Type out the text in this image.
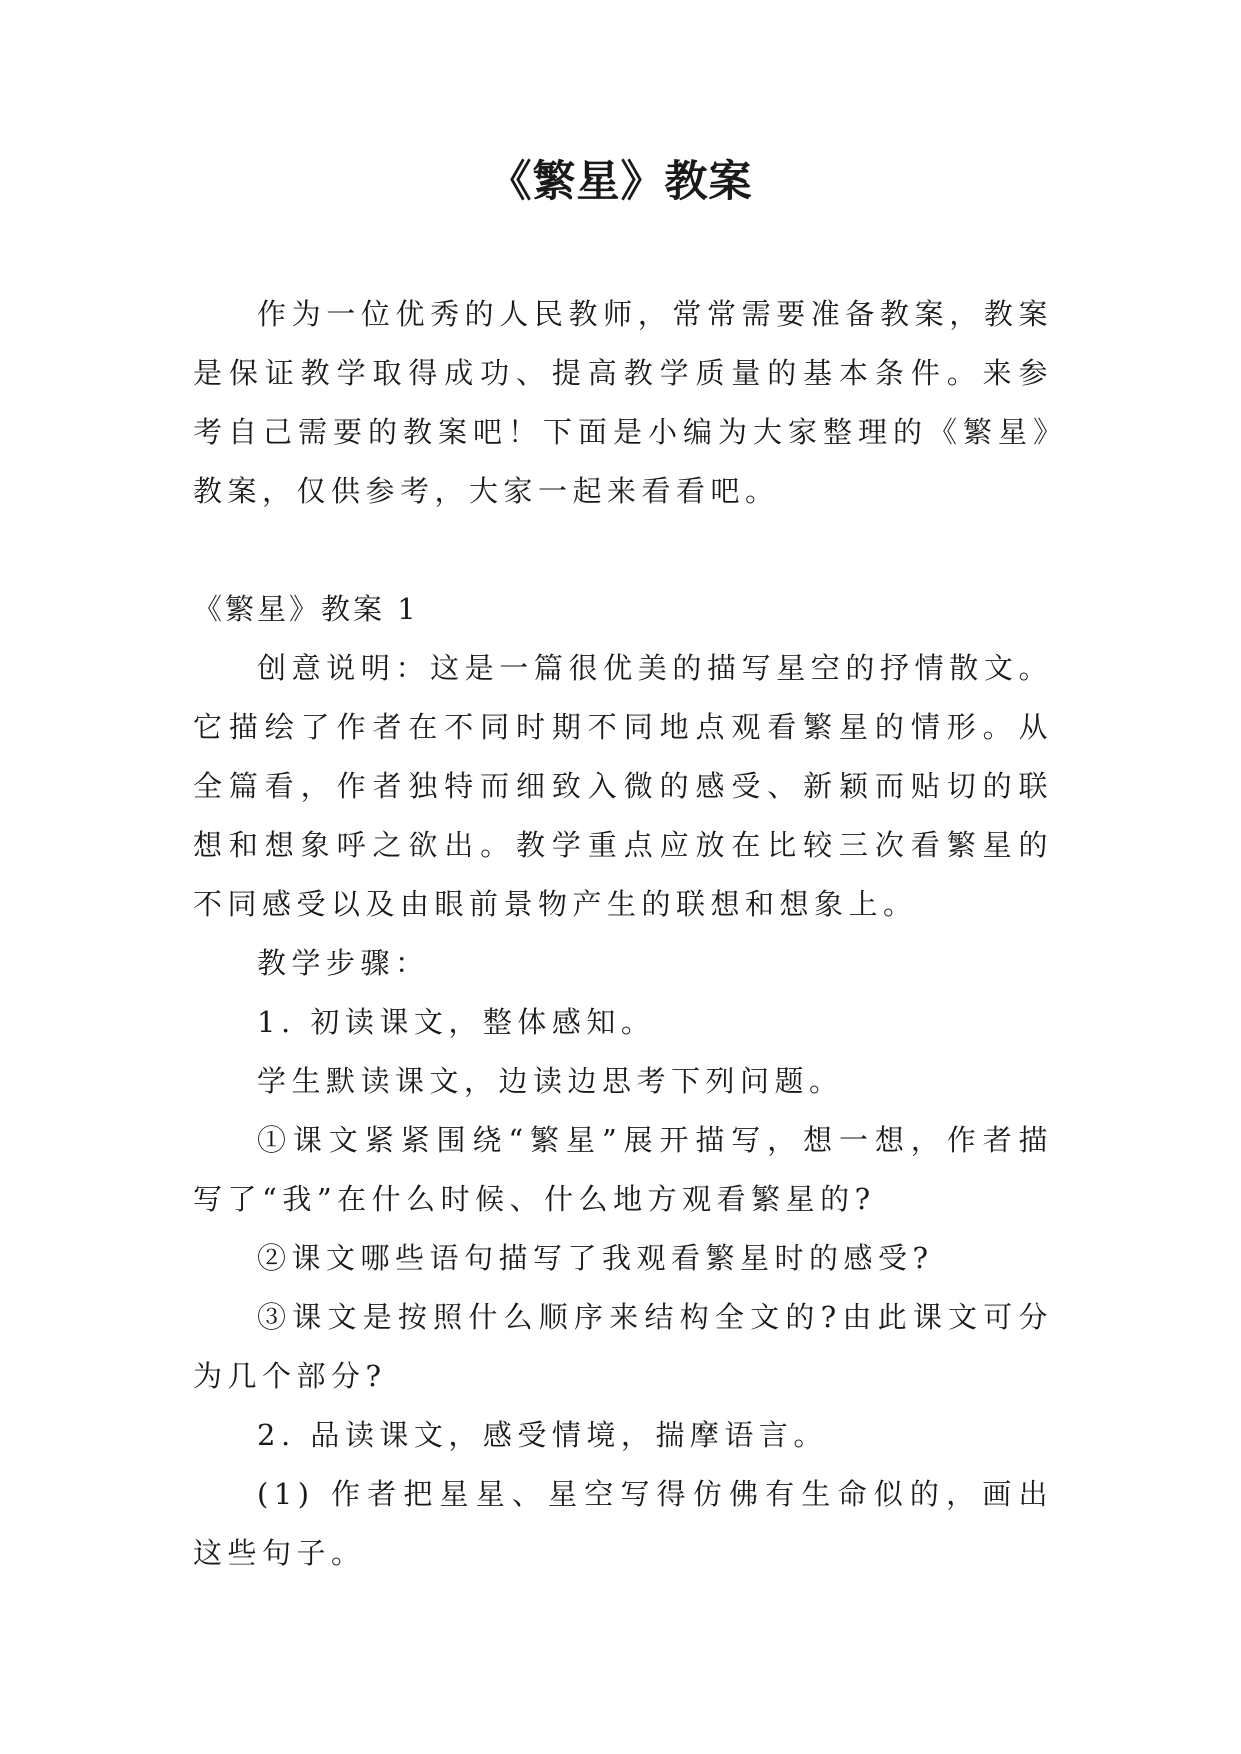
《繁星》教案

作为一位优秀的人民教师，常常需要准备教案，教案是保证教学取得成功、提高教学质量的基本条件。来参考自己需要的教案吧！下面是小编为大家整理的《繁星》教案，仅供参考，大家一起来看看吧。

《繁星》教案 1

创意说明：这是一篇很优美的描写星空的抒情散文。它描绘了作者在不同时期不同地点观看繁星的情形。从全篇看，作者独特而细致入微的感受、新颖而贴切的联想和想象呼之欲出。教学重点应放在比较三次看繁星的不同感受以及由眼前景物产生的联想和想象上。

教学步骤：

1. 初读课文，整体感知。

学生默读课文，边读边思考下列问题。

①课文紧紧围绕“繁星”展开描写，想一想，作者描写了“我”在什么时候、什么地方观看繁星的?

②课文哪些语句描写了我观看繁星时的感受?

③课文是按照什么顺序来结构全文的?由此课文可分为几个部分?

2. 品读课文，感受情境，揣摩语言。

(1) 作者把星星、星空写得仿佛有生命似的，画出这些句子。
